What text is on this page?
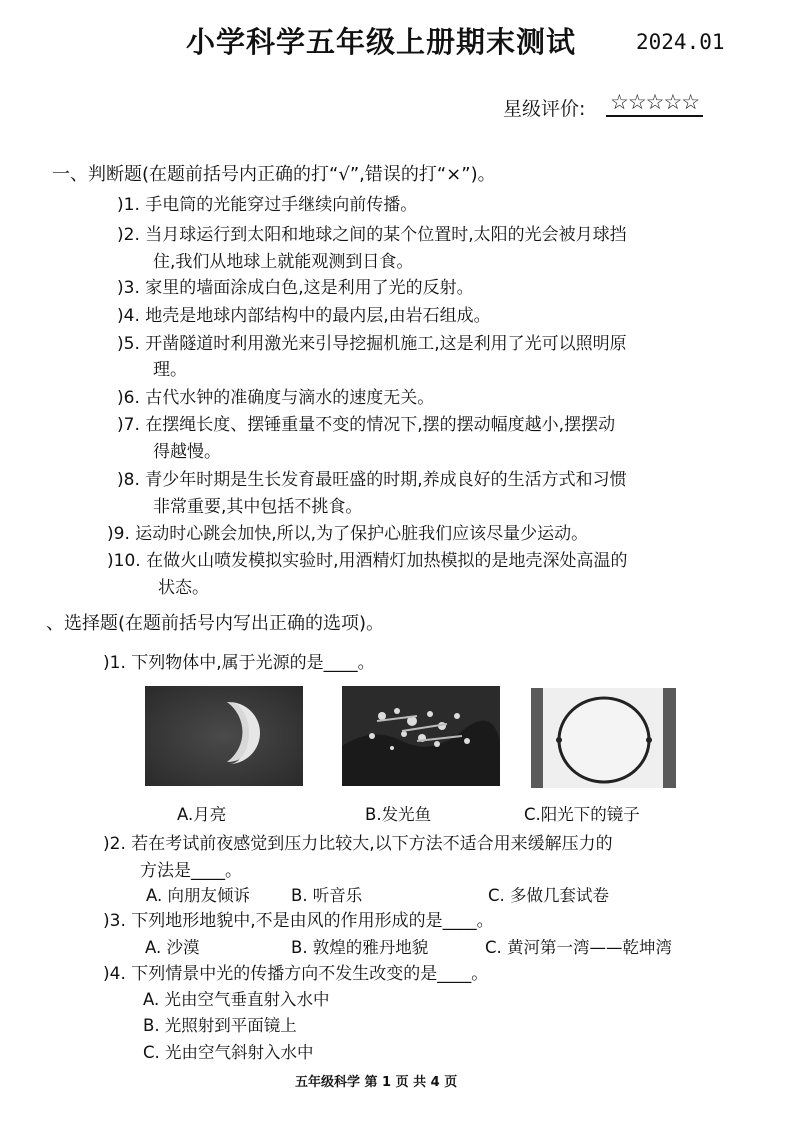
小学科学五年级上册期末测试	2024.01
星级评价: ☆☆☆☆☆
一、判断题(在题前括号内正确的打“√”,错误的打“×”)。
)1. 手电筒的光能穿过手继续向前传播。
)2. 当月球运行到太阳和地球之间的某个位置时,太阳的光会被月球挡
住,我们从地球上就能观测到日食。
)3. 家里的墙面涂成白色,这是利用了光的反射。
)4. 地壳是地球内部结构中的最内层,由岩石组成。
)5. 开凿隧道时利用激光来引导挖掘机施工,这是利用了光可以照明原
理。
)6. 古代水钟的准确度与滴水的速度无关。
)7. 在摆绳长度、摆锤重量不变的情况下,摆的摆动幅度越小,摆摆动
得越慢。
)8. 青少年时期是生长发育最旺盛的时期,养成良好的生活方式和习惯
非常重要,其中包括不挑食。
)9. 运动时心跳会加快,所以,为了保护心脏我们应该尽量少运动。
)10. 在做火山喷发模拟实验时,用酒精灯加热模拟的是地壳深处高温的
状态。
、选择题(在题前括号内写出正确的选项)。
)1. 下列物体中,属于光源的是____。
A.月亮	B.发光鱼	C.阳光下的镜子
)2. 若在考试前夜感觉到压力比较大,以下方法不适合用来缓解压力的
方法是____。
A. 向朋友倾诉 B. 听音乐	C. 多做几套试卷
)3. 下列地形地貌中,不是由风的作用形成的是____。
A. 沙漠	B. 敦煌的雅丹地貌	C. 黄河第一湾——乾坤湾
)4. 下列情景中光的传播方向不发生改变的是____。
A. 光由空气垂直射入水中
B. 光照射到平面镜上
C. 光由空气斜射入水中
五年级科学 第 1 页 共 4 页
